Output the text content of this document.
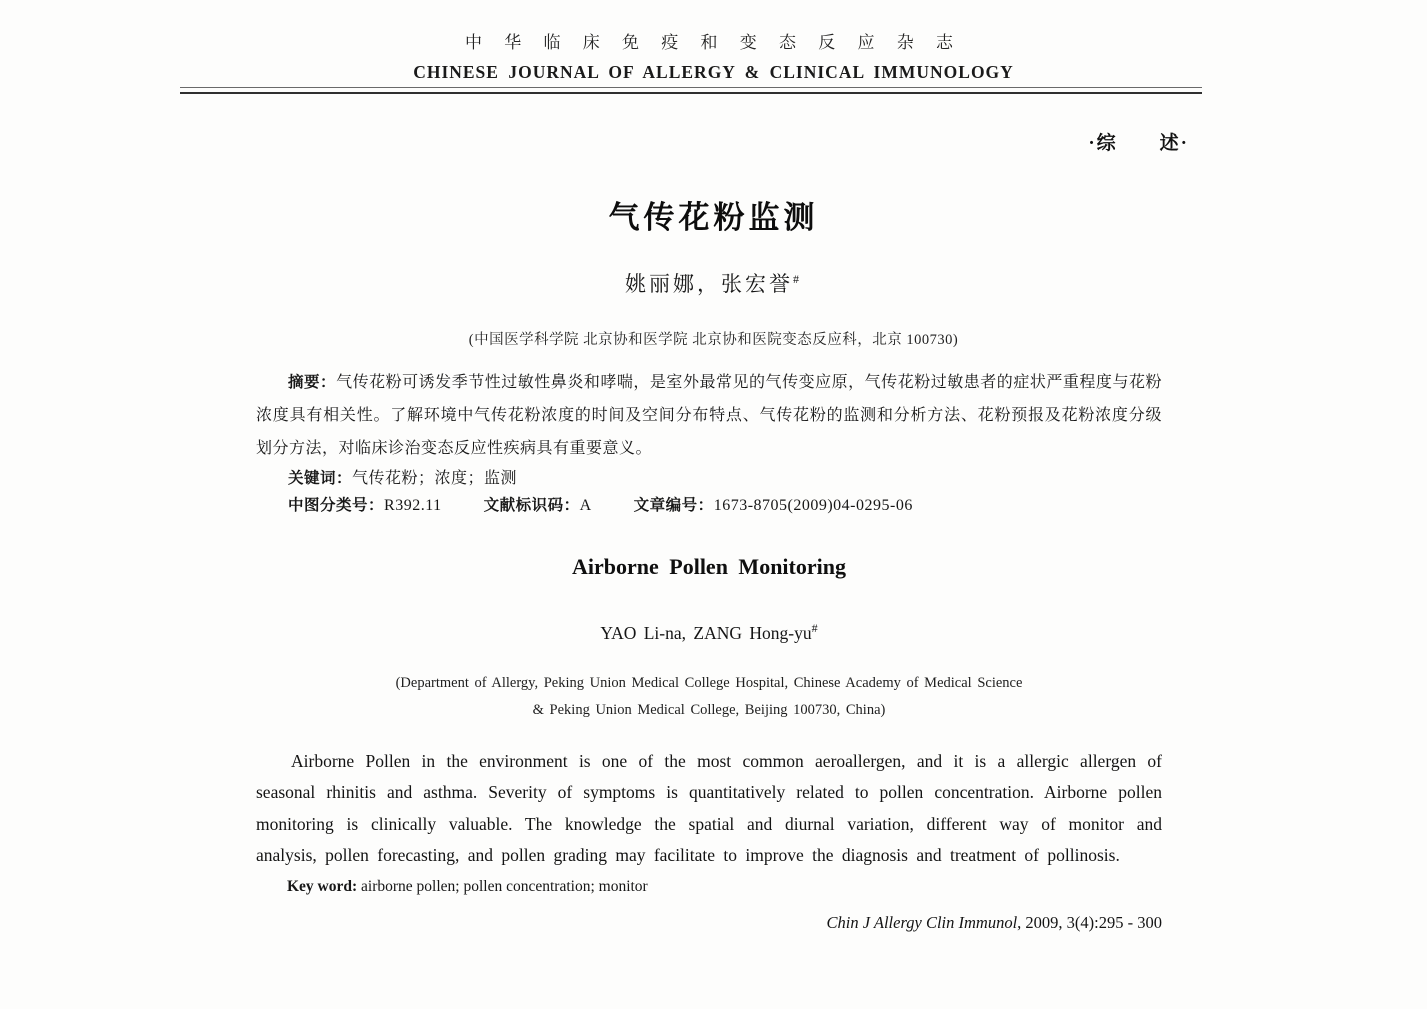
中 华 临 床 免 疫 和 变 态 反 应 杂 志
CHINESE JOURNAL OF ALLERGY & CLINICAL IMMUNOLOGY
·综　　述·
气传花粉监测
姚丽娜，张宏誉#
(中国医学科学院 北京协和医学院 北京协和医院变态反应科，北京 100730)

摘要：气传花粉可诱发季节性过敏性鼻炎和哮喘，是室外最常见的气传变应原，气传花粉过敏患者的症状严重程度与花粉浓度具有相关性。了解环境中气传花粉浓度的时间及空间分布特点、气传花粉的监测和分析方法、花粉预报及花粉浓度分级划分方法，对临床诊治变态反应性疾病具有重要意义。

关键词：气传花粉；浓度；监测

中图分类号：R392.11	文献标识码：A	文章编号：1673-8705(2009)04-0295-06

Airborne Pollen Monitoring

YAO Li-na, ZANG Hong-yu#

(Department of Allergy, Peking Union Medical College Hospital, Chinese Academy of Medical Science
& Peking Union Medical College, Beijing 100730, China)

Airborne Pollen in the environment is one of the most common aeroallergen, and it is a allergic allergen of seasonal rhinitis and asthma. Severity of symptoms is quantitatively related to pollen concentration. Airborne pollen monitoring is clinically valuable. The knowledge the spatial and diurnal variation, different way of monitor and analysis, pollen forecasting, and pollen grading may facilitate to improve the diagnosis and treatment of pollinosis.

Key word: airborne pollen; pollen concentration; monitor

Chin J Allergy Clin Immunol, 2009, 3(4):295 - 300
